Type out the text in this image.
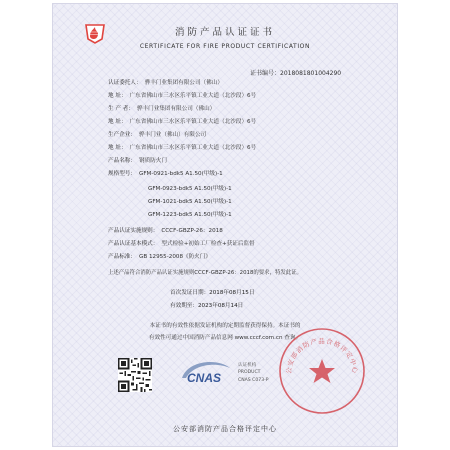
消防产品认证证书
CERTIFICATE FOR FIRE PRODUCT CERTIFICATION
证书编号：2018081801004290
认证委托人： 骅丰门业集团有限公司（佛山）
地 址： 广东省佛山市三水区乐平镇工业大道（北沙段）6号
生 产 者： 骅丰门业集团有限公司（佛山）
地 址： 广东省佛山市三水区乐平镇工业大道（北沙段）6号
生产企业： 骅丰门业（佛山）有限公司
地 址： 广东省佛山市三水区乐平镇工业大道（北沙段）6号
产品名称： 钢质防火门
规格型号： GFM-0921-bdk5 A1.50(甲级)-1
GFM-0923-bdk5 A1.50(甲级)-1
GFM-1021-bdk5 A1.50(甲级)-1
GFM-1223-bdk5 A1.50(甲级)-1
产品认证实施规则： CCCF-GBZP-26：2018
产品认证基本模式： 型式检验+初始工厂检查+获证后监督
产品标准： GB 12955-2008《防火门》
上述产品符合消防产品认证实施规则CCCF-GBZP-26：2018的要求，特发此证。
首次发证日期：2018年08月15日
有效期至：2023年08月14日
本证书的有效性依据发证机构的定期监督获得保持。本证书的
有效性可通过中国消防产品信息网 www.cccf.com.cn 查询。
CNAS
认证机构
PRODUCT
CNAS C073-P
公安部消防产品合格评定中心
公安部消防产品合格评定中心
